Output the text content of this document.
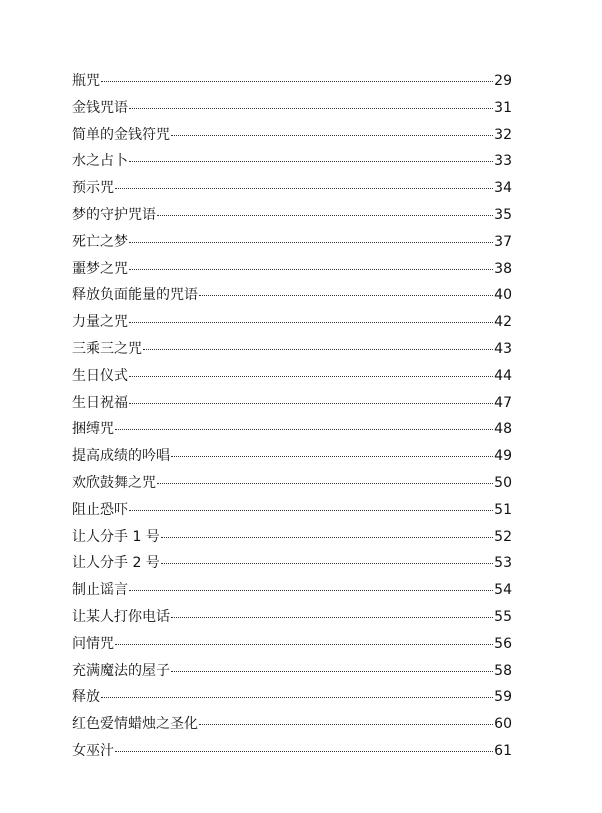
瓶咒	29
金钱咒语	31
简单的金钱符咒	32
水之占卜	33
预示咒	34
梦的守护咒语	35
死亡之梦	37
噩梦之咒	38
释放负面能量的咒语	40
力量之咒	42
三乘三之咒	43
生日仪式	44
生日祝福	47
捆缚咒	48
提高成绩的吟唱	49
欢欣鼓舞之咒	50
阻止恐吓	51
让人分手 1 号	52
让人分手 2 号	53
制止谣言	54
让某人打你电话	55
问情咒	56
充满魔法的屋子	58
释放	59
红色爱情蜡烛之圣化	60
女巫汁	61
